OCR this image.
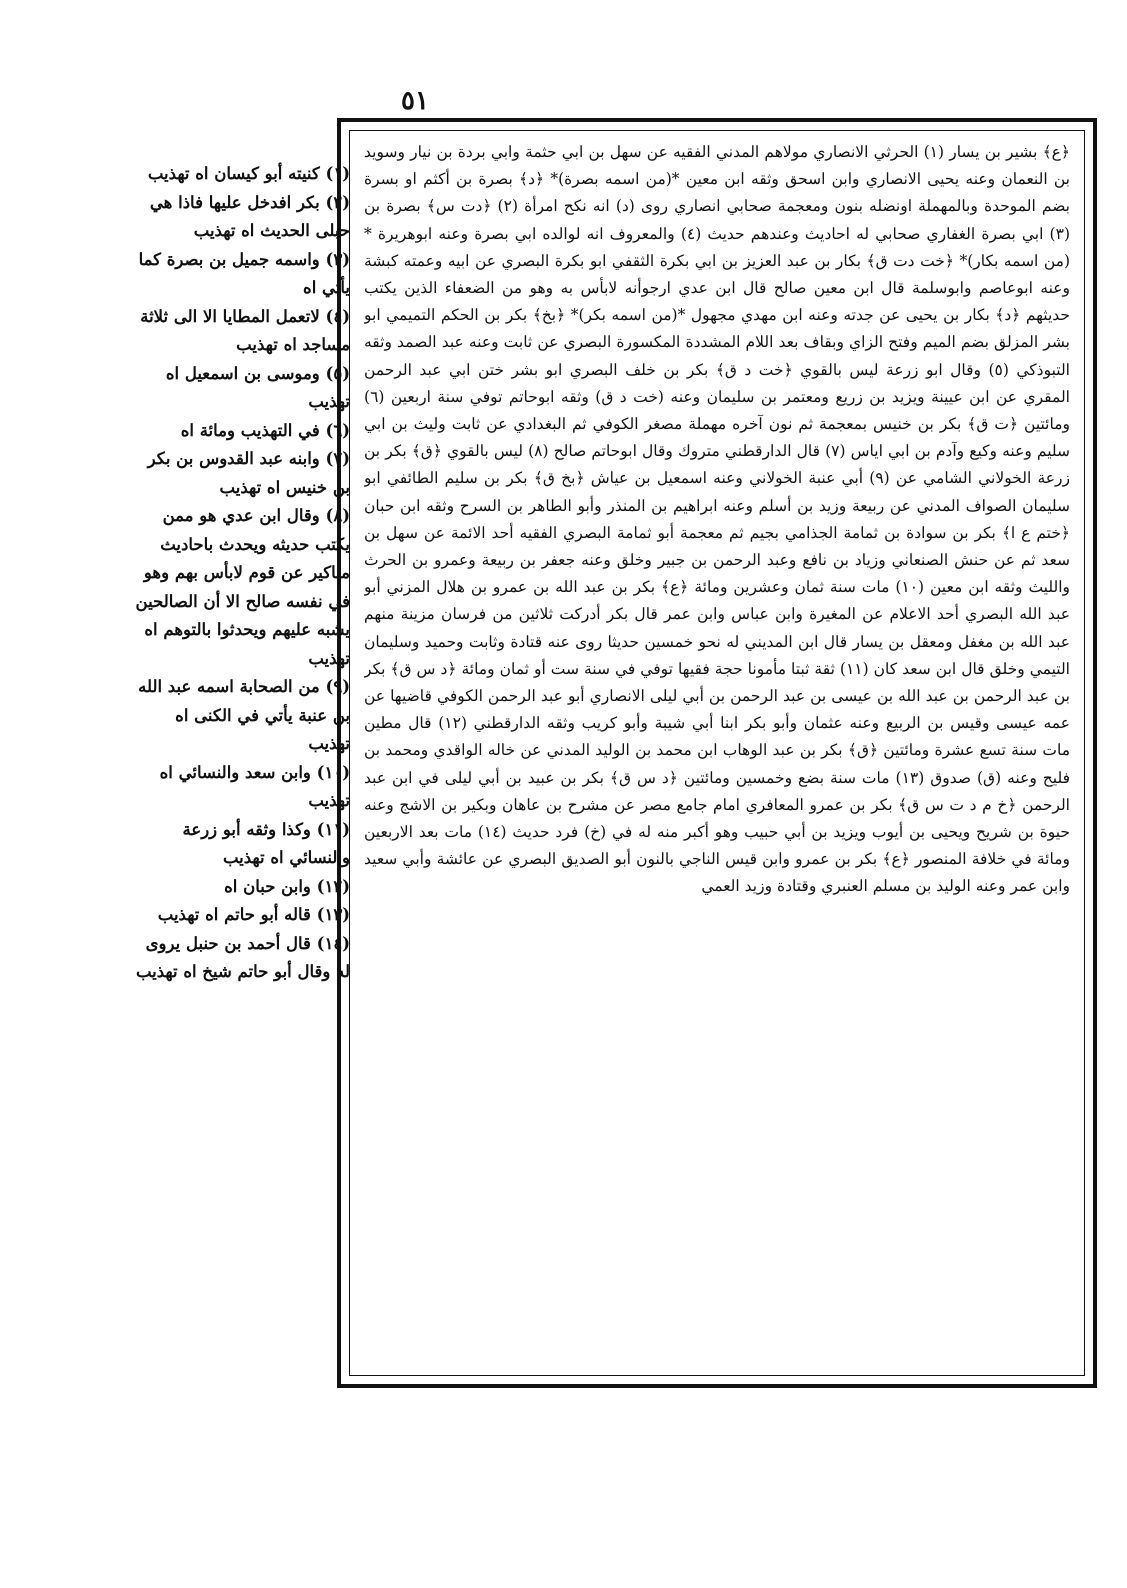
٥١

﴿ع﴾ بشير بن يسار (١) الحرثي الانصاري مولاهم المدني الفقيه عن سهل بن ابي حثمة وابي بردة بن نيار وسويد بن النعمان وعنه يحيى الانصاري وابن اسحق وثقه ابن معين *(من اسمه بصرة)* ﴿د﴾ بصرة بن أكثم او بسرة بضم الموحدة وبالمهملة اونضله بنون ومعجمة صحابي انصاري روى (د) انه نكح امرأة (٢) ﴿دت س﴾ بصرة بن (٣) ابي بصرة الغفاري صحابي له احاديث وعندهم حديث (٤) والمعروف انه لوالده ابي بصرة وعنه ابوهريرة *(من اسمه بكار)* ﴿خت دت ق﴾ بكار بن عبد العزيز بن ابي بكرة الثقفي ابو بكرة البصري عن ابيه وعمته كبشة وعنه ابوعاصم وابوسلمة قال ابن معين صالح قال ابن عدي ارجوأنه لابأس به وهو من الضعفاء الذين يكتب حديثهم ﴿د﴾ بكار بن يحيى عن جدته وعنه ابن مهدي مجهول *(من اسمه بكر)* ﴿بخ﴾ بكر بن الحكم التميمي ابو بشر المزلق بضم الميم وفتح الزاي وبقاف بعد اللام المشددة المكسورة البصري عن ثابت وعنه عبد الصمد وثقه التبوذكي (٥) وقال ابو زرعة ليس بالقوي ﴿خت د ق﴾ بكر بن خلف البصري ابو بشر ختن ابي عبد الرحمن المقري عن ابن عيينة ويزيد بن زريع ومعتمر بن سليمان وعنه (خت د ق) وثقه ابوحاتم توفي سنة اربعين (٦) ومائتين ﴿ت ق﴾ بكر بن خنيس بمعجمة ثم نون آخره مهملة مصغر الكوفي ثم البغدادي عن ثابت وليث بن ابي سليم وعنه وكيع وآدم بن ابي اياس (٧) قال الدارقطني متروك وقال ابوحاتم صالح (٨) ليس بالقوي ﴿ق﴾ بكر بن زرعة الخولاني الشامي عن (٩) أبي عنبة الخولاني وعنه اسمعيل بن عياش ﴿بخ ق﴾ بكر بن سليم الطائفي ابو سليمان الصواف المدني عن ربيعة وزيد بن أسلم وعنه ابراهيم بن المنذر وأبو الطاهر بن السرح وثقه ابن حبان ﴿ختم ع ا﴾ بكر بن سوادة بن ثمامة الجذامي بجيم ثم معجمة أبو ثمامة البصري الفقيه أحد الائمة عن سهل بن سعد ثم عن حنش الصنعاني وزياد بن نافع وعبد الرحمن بن جبير وخلق وعنه جعفر بن ربيعة وعمرو بن الحرث والليث وثقه ابن معين (١٠) مات سنة ثمان وعشرين ومائة ﴿ع﴾ بكر بن عبد الله بن عمرو بن هلال المزني أبو عبد الله البصري أحد الاعلام عن المغيرة وابن عباس وابن عمر قال بكر أدركت ثلاثين من فرسان مزينة منهم عبد الله بن مغفل ومعقل بن يسار قال ابن المديني له نحو خمسين حديثا روى عنه قتادة وثابت وحميد وسليمان التيمي وخلق قال ابن سعد كان (١١) ثقة ثبتا مأمونا حجة فقيها توفي في سنة ست أو ثمان ومائة ﴿د س ق﴾ بكر بن عبد الرحمن بن عبد الله بن عيسى بن عبد الرحمن بن أبي ليلى الانصاري أبو عبد الرحمن الكوفي قاضيها عن عمه عيسى وقيس بن الربيع وعنه عثمان وأبو بكر ابنا أبي شيبة وأبو كريب وثقه الدارقطني (١٢) قال مطين مات سنة تسع عشرة ومائتين ﴿ق﴾ بكر بن عبد الوهاب ابن محمد بن الوليد المدني عن خاله الواقدي ومحمد بن فليح وعنه (ق) صدوق (١٣) مات سنة بضع وخمسين ومائتين ﴿د س ق﴾ بكر بن عبيد بن أبي ليلى في ابن عبد الرحمن ﴿خ م د ت س ق﴾ بكر بن عمرو المعافري امام جامع مصر عن مشرح بن عاهان وبكير بن الاشج وعنه حيوة بن شريح ويحيى بن أيوب ويزيد بن أبي حبيب وهو أكبر منه له في (خ) فرد حديث (١٤) مات بعد الاربعين ومائة في خلافة المنصور ﴿ع﴾ بكر بن عمرو وابن قيس الناجي بالنون أبو الصديق البصري عن عائشة وأبي سعيد وابن عمر وعنه الوليد بن مسلم العنبري وقتادة وزيد العمي

(١) كنيته أبو كيسان اه تهذيب
(٢) بكر افدخل عليها فاذا هي حبلى الحديث اه تهذيب
(٣) واسمه جميل بن بصرة كما يأتي اه
(٤) لاتعمل المطايا الا الى ثلاثة مساجد اه تهذيب
(٥) وموسى بن اسمعيل اه تهذيب
(٦) في التهذيب ومائة اه
(٧) وابنه عبد القدوس بن بكر بن خنيس اه تهذيب
(٨) وقال ابن عدي هو ممن يكتب حديثه ويحدث باحاديث مناكير عن قوم لابأس بهم وهو في نفسه صالح الا أن الصالحين يشبه عليهم ويحدثوا بالتوهم اه تهذيب
(٩) من الصحابة اسمه عبد الله بن عنبة يأتي في الكنى اه تهذيب
(١٠) وابن سعد والنسائي اه تهذيب
(١١) وكذا وثقه أبو زرعة والنسائي اه تهذيب
(١٢) وابن حبان اه
(١٣) قاله أبو حاتم اه تهذيب
(١٤) قال أحمد بن حنبل يروى له وقال أبو حاتم شيخ اه تهذيب
